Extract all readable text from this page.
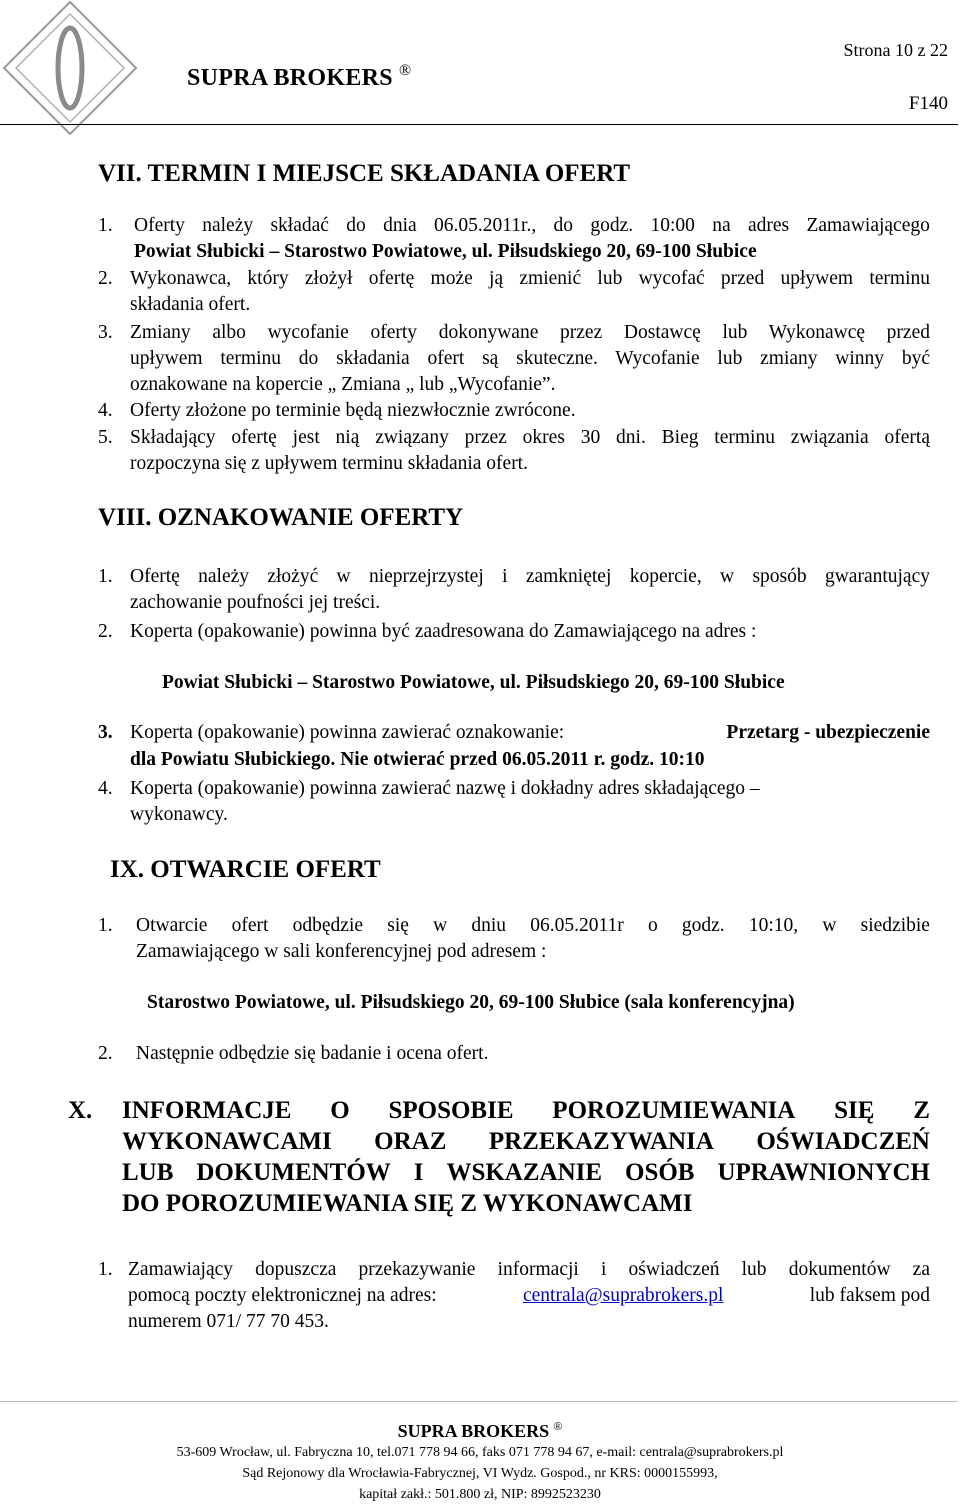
SUPRA BROKERS ®
Strona 10 z 22
F140
VII. TERMIN I MIEJSCE SKŁADANIA OFERT
1. Oferty należy składać do dnia 06.05.2011r., do godz. 10:00 na adres Zamawiającego
Powiat Słubicki – Starostwo Powiatowe, ul. Piłsudskiego 20, 69-100 Słubice
2. Wykonawca, który złożył ofertę może ją zmienić lub wycofać przed upływem terminu
składania ofert.
3. Zmiany albo wycofanie oferty dokonywane przez Dostawcę lub Wykonawcę przed
upływem terminu do składania ofert są skuteczne. Wycofanie lub zmiany winny być
oznakowane na kopercie „ Zmiana „ lub „Wycofanie”.
4. Oferty złożone po terminie będą niezwłocznie zwrócone.
5. Składający ofertę jest nią związany przez okres 30 dni. Bieg terminu związania ofertą
rozpoczyna się z upływem terminu składania ofert.
VIII. OZNAKOWANIE OFERTY
1. Ofertę należy złożyć w nieprzejrzystej i zamkniętej kopercie, w sposób gwarantujący
zachowanie poufności jej treści.
2. Koperta (opakowanie) powinna być zaadresowana do Zamawiającego na adres :
Powiat Słubicki – Starostwo Powiatowe, ul. Piłsudskiego 20, 69-100 Słubice
3. Koperta (opakowanie) powinna zawierać oznakowanie:	Przetarg - ubezpieczenie
dla Powiatu Słubickiego. Nie otwierać przed 06.05.2011 r. godz. 10:10
4. Koperta (opakowanie) powinna zawierać nazwę i dokładny adres składającego –
wykonawcy.
IX. OTWARCIE OFERT
1. Otwarcie ofert odbędzie się w dniu 06.05.2011r o godz. 10:10, w siedzibie
Zamawiającego w sali konferencyjnej pod adresem :
Starostwo Powiatowe, ul. Piłsudskiego 20, 69-100 Słubice (sala konferencyjna)
2. Następnie odbędzie się badanie i ocena ofert.
X. INFORMACJE O SPOSOBIE POROZUMIEWANIA SIĘ Z
WYKONAWCAMI ORAZ PRZEKAZYWANIA OŚWIADCZEŃ
LUB DOKUMENTÓW I WSKAZANIE OSÓB UPRAWNIONYCH
DO POROZUMIEWANIA SIĘ Z WYKONAWCAMI
1. Zamawiający dopuszcza przekazywanie informacji i oświadczeń lub dokumentów za
pomocą poczty elektronicznej na adres:	centrala@suprabrokers.pl	lub faksem pod
numerem 071/ 77 70 453.
SUPRA BROKERS ®
53-609 Wrocław, ul. Fabryczna 10, tel.071 778 94 66, faks 071 778 94 67, e-mail: centrala@suprabrokers.pl
Sąd Rejonowy dla Wrocławia-Fabrycznej, VI Wydz. Gospod., nr KRS: 0000155993,
kapitał zakł.: 501.800 zł, NIP: 8992523230
